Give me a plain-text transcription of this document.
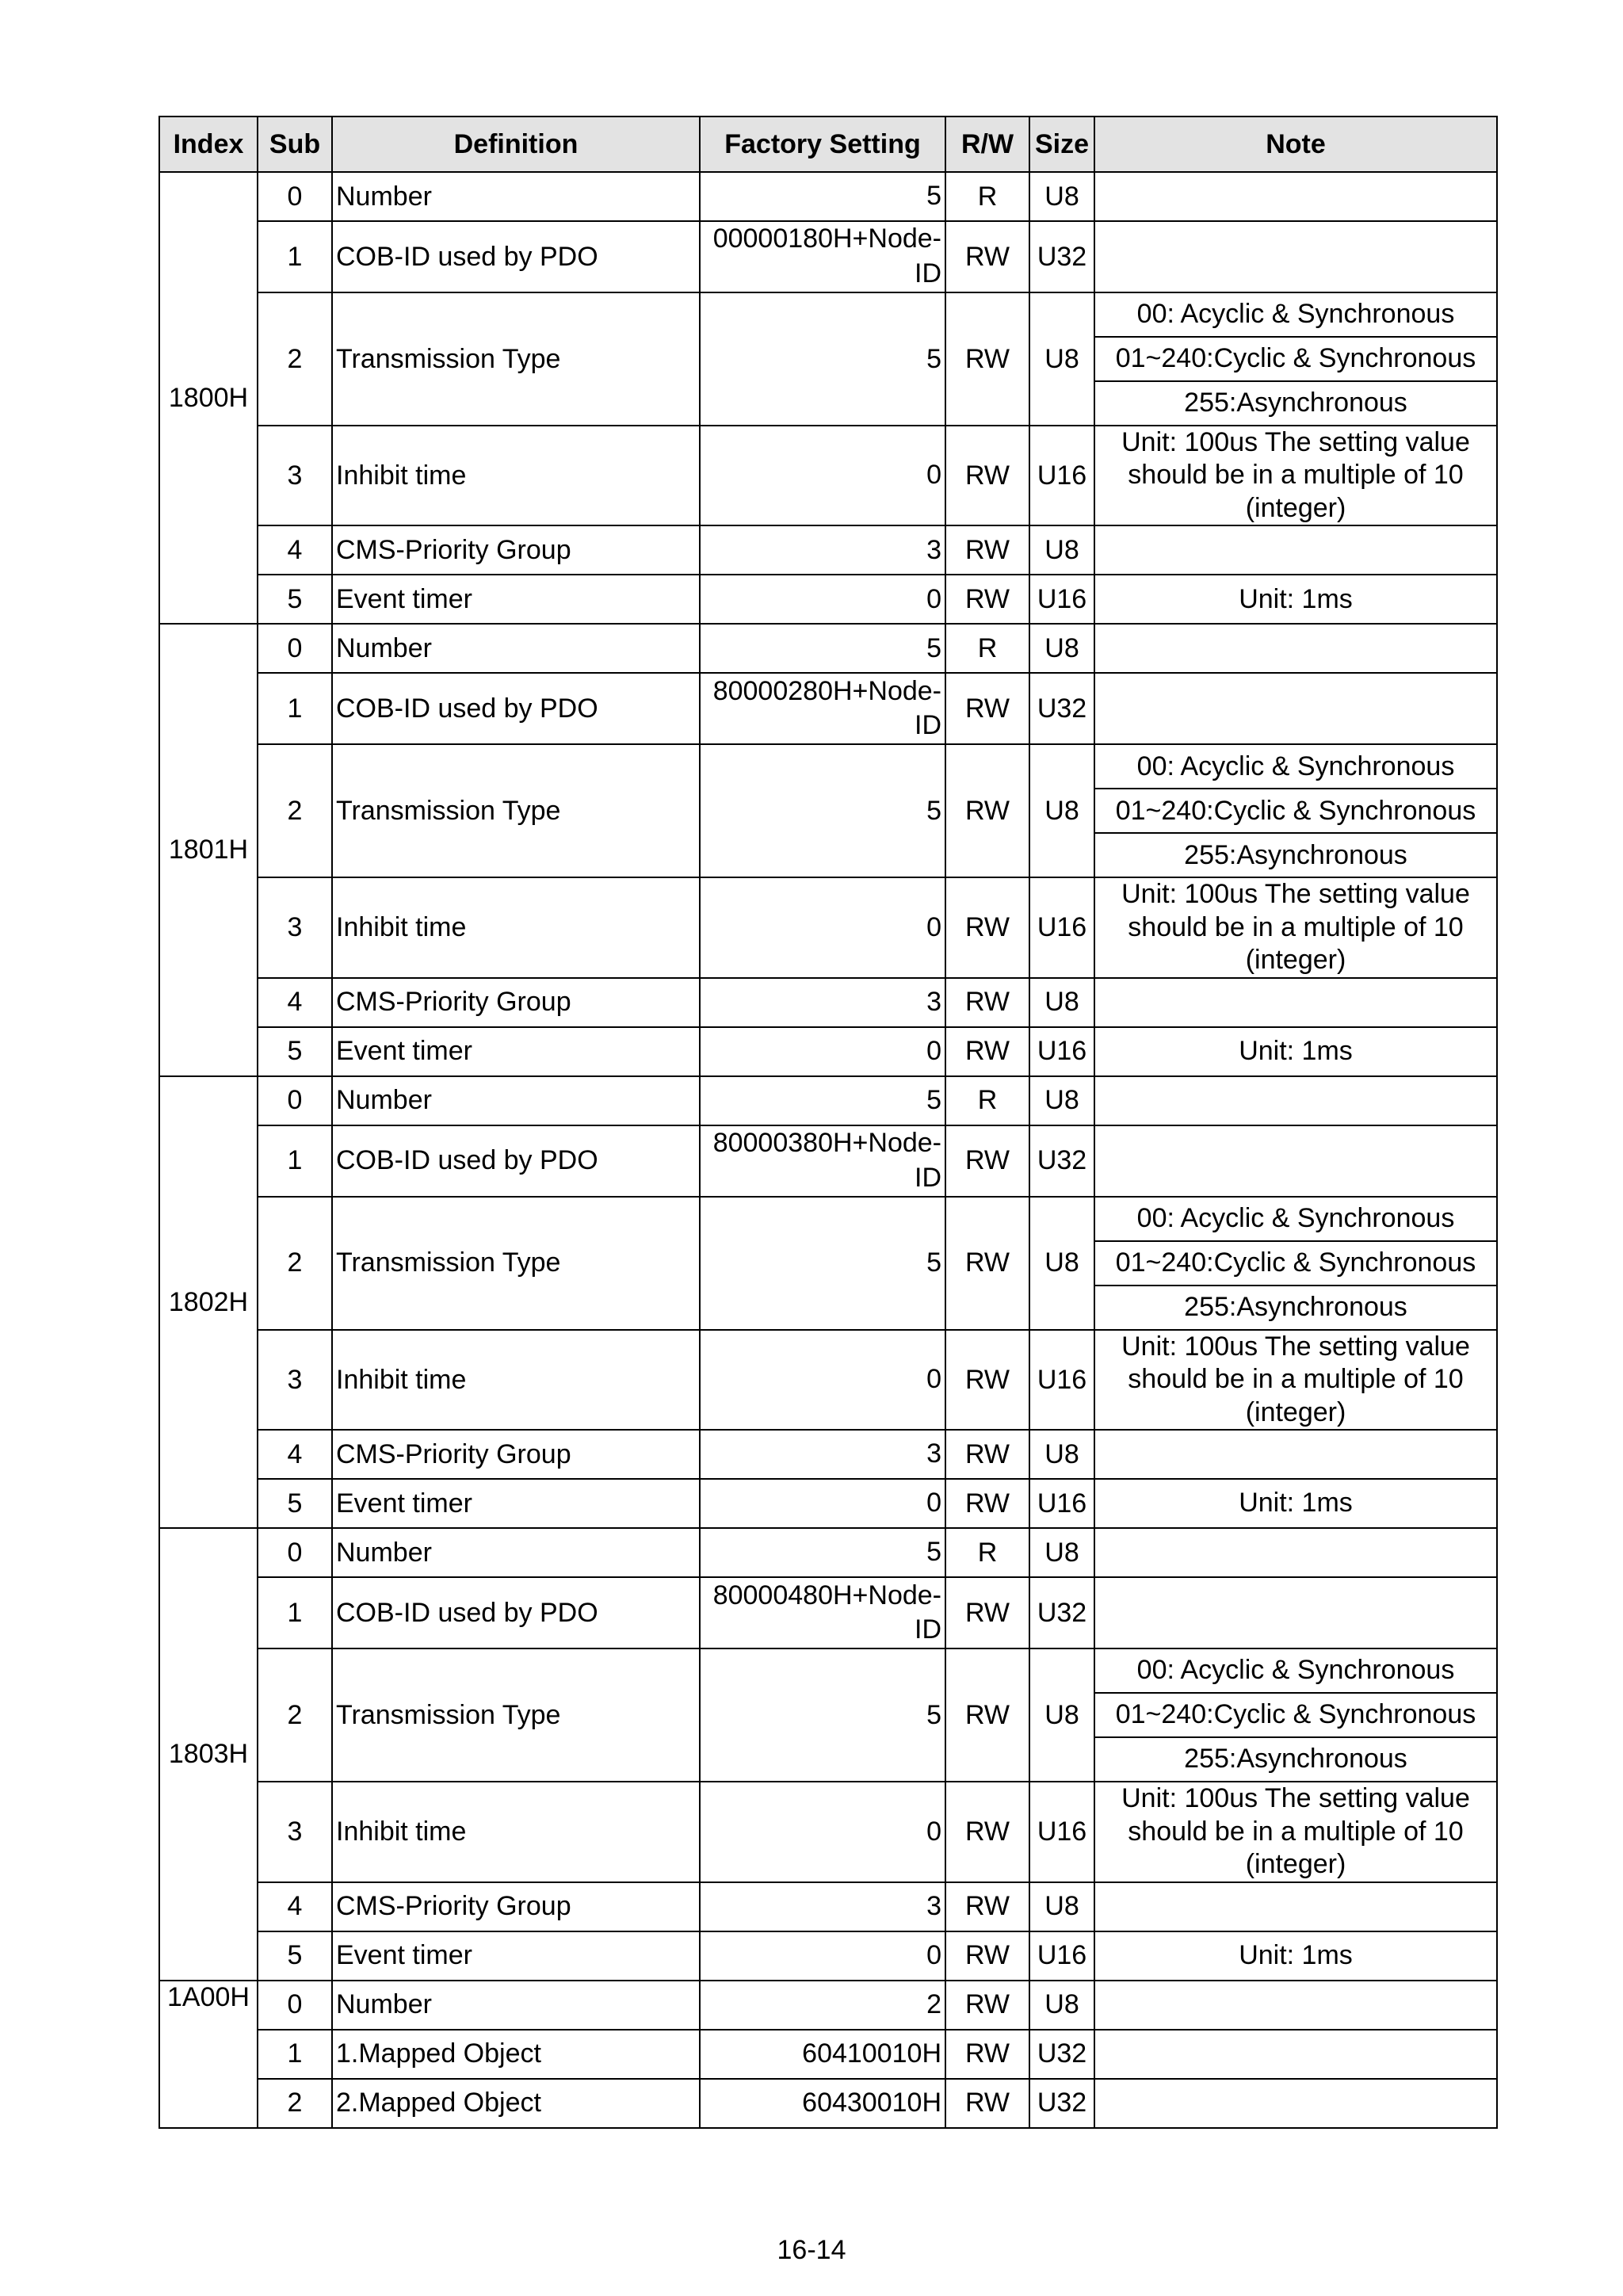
Index	Sub	Definition	Factory Setting	R/W	Size	Note
1800H	0	Number	5	R	U8	
	1	COB-ID used by PDO	00000180H+Node-ID	RW	U32	
	2	Transmission Type	5	RW	U8	00: Acyclic & Synchronous
						01~240:Cyclic & Synchronous
						255:Asynchronous
	3	Inhibit time	0	RW	U16	Unit: 100us The setting value should be in a multiple of 10 (integer)
	4	CMS-Priority Group	3	RW	U8	
	5	Event timer	0	RW	U16	Unit: 1ms
1801H	0	Number	5	R	U8	
	1	COB-ID used by PDO	80000280H+Node-ID	RW	U32	
	2	Transmission Type	5	RW	U8	00: Acyclic & Synchronous
						01~240:Cyclic & Synchronous
						255:Asynchronous
	3	Inhibit time	0	RW	U16	Unit: 100us The setting value should be in a multiple of 10 (integer)
	4	CMS-Priority Group	3	RW	U8	
	5	Event timer	0	RW	U16	Unit: 1ms
1802H	0	Number	5	R	U8	
	1	COB-ID used by PDO	80000380H+Node-ID	RW	U32	
	2	Transmission Type	5	RW	U8	00: Acyclic & Synchronous
						01~240:Cyclic & Synchronous
						255:Asynchronous
	3	Inhibit time	0	RW	U16	Unit: 100us The setting value should be in a multiple of 10 (integer)
	4	CMS-Priority Group	3	RW	U8	
	5	Event timer	0	RW	U16	Unit: 1ms
1803H	0	Number	5	R	U8	
	1	COB-ID used by PDO	80000480H+Node-ID	RW	U32	
	2	Transmission Type	5	RW	U8	00: Acyclic & Synchronous
						01~240:Cyclic & Synchronous
						255:Asynchronous
	3	Inhibit time	0	RW	U16	Unit: 100us The setting value should be in a multiple of 10 (integer)
	4	CMS-Priority Group	3	RW	U8	
	5	Event timer	0	RW	U16	Unit: 1ms
1A00H	0	Number	2	RW	U8	
	1	1.Mapped Object	60410010H	RW	U32	
	2	2.Mapped Object	60430010H	RW	U32	
16-14
